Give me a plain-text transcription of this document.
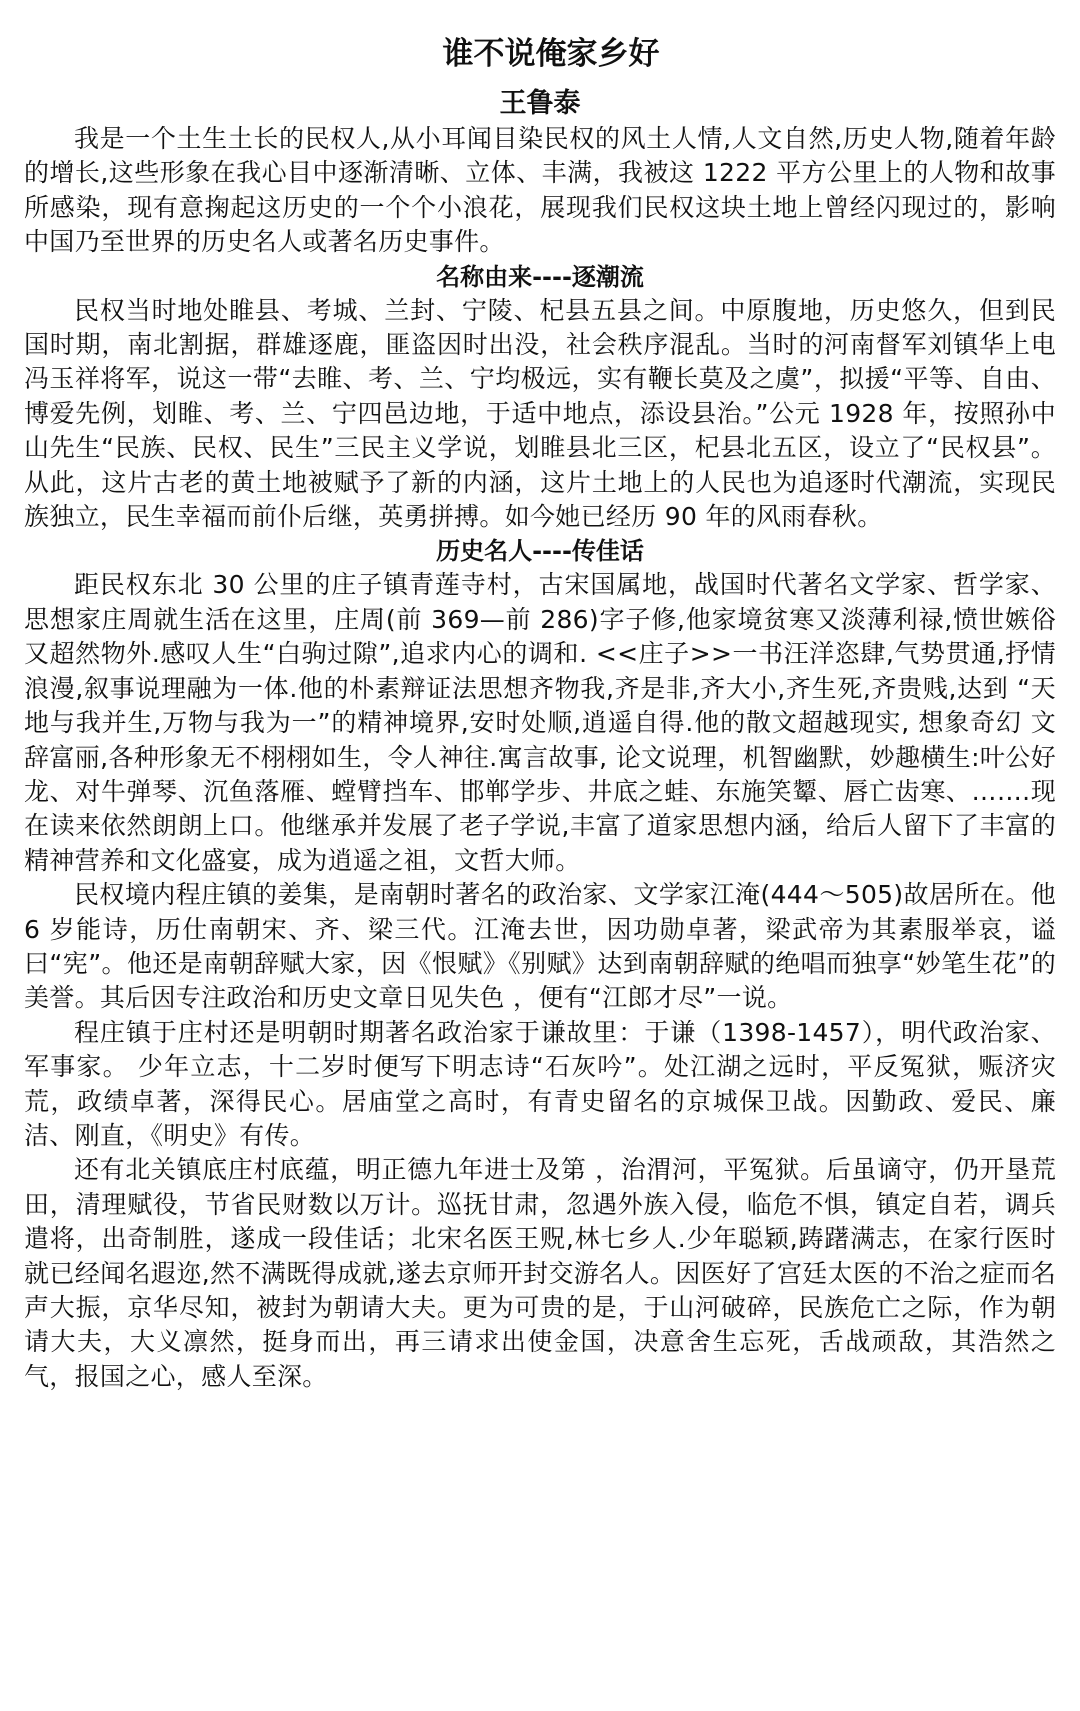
谁不说俺家乡好
王鲁泰

我是一个土生土长的民权人,从小耳闻目染民权的风土人情,人文自然,历史人物,随着年龄的增长,这些形象在我心目中逐渐清晰、立体、丰满，我被这 1222 平方公里上的人物和故事所感染，现有意掬起这历史的一个个小浪花，展现我们民权这块土地上曾经闪现过的，影响中国乃至世界的历史名人或著名历史事件。

名称由来----逐潮流

民权当时地处睢县、考城、兰封、宁陵、杞县五县之间。中原腹地，历史悠久，但到民国时期，南北割据，群雄逐鹿，匪盗因时出没，社会秩序混乱。当时的河南督军刘镇华上电冯玉祥将军，说这一带“去睢、考、兰、宁均极远，实有鞭长莫及之虞”，拟援“平等、自由、博爱先例，划睢、考、兰、宁四邑边地，于适中地点，添设县治。”公元 1928 年，按照孙中山先生“民族、民权、民生”三民主义学说，划睢县北三区，杞县北五区，设立了“民权县”。从此，这片古老的黄土地被赋予了新的内涵，这片土地上的人民也为追逐时代潮流，实现民族独立，民生幸福而前仆后继，英勇拼搏。如今她已经历 90 年的风雨春秋。

历史名人----传佳话

距民权东北 30 公里的庄子镇青莲寺村，古宋国属地，战国时代著名文学家、哲学家、思想家庄周就生活在这里，庄周(前 369—前 286)字子修,他家境贫寒又淡薄利禄,愤世嫉俗又超然物外.感叹人生“白驹过隙”,追求内心的调和. <<庄子>>一书汪洋恣肆,气势贯通,抒情浪漫,叙事说理融为一体.他的朴素辩证法思想齐物我,齐是非,齐大小,齐生死,齐贵贱,达到 “天地与我并生,万物与我为一”的精神境界,安时处顺,逍遥自得.他的散文超越现实, 想象奇幻 文辞富丽,各种形象无不栩栩如生，令人神往.寓言故事, 论文说理，机智幽默，妙趣横生:叶公好龙、对牛弹琴、沉鱼落雁、螳臂挡车、邯郸学步、井底之蛙、东施笑颦、唇亡齿寒、…….现在读来依然朗朗上口。他继承并发展了老子学说,丰富了道家思想内涵，给后人留下了丰富的精神营养和文化盛宴，成为逍遥之祖，文哲大师。

民权境内程庄镇的姜集，是南朝时著名的政治家、文学家江淹(444～505)故居所在。他 6 岁能诗，历仕南朝宋、齐、梁三代。江淹去世，因功勋卓著，梁武帝为其素服举哀，谥曰“宪”。他还是南朝辞赋大家，因《恨赋》《别赋》达到南朝辞赋的绝唱而独享“妙笔生花”的美誉。其后因专注政治和历史文章日见失色 ，便有“江郎才尽”一说。

程庄镇于庄村还是明朝时期著名政治家于谦故里：于谦（1398-1457），明代政治家、军事家。 少年立志，十二岁时便写下明志诗“石灰吟”。处江湖之远时，平反冤狱，赈济灾荒，政绩卓著，深得民心。居庙堂之高时，有青史留名的京城保卫战。因勤政、爱民、廉洁、刚直，《明史》有传。

还有北关镇底庄村底蕴，明正德九年进士及第 ，治渭河，平冤狱。后虽谪守，仍开垦荒田，清理赋役，节省民财数以万计。巡抚甘肃，忽遇外族入侵，临危不惧，镇定自若，调兵遣将，出奇制胜，遂成一段佳话；北宋名医王贶,林七乡人.少年聪颖,踌躇满志，在家行医时就已经闻名遐迩,然不满既得成就,遂去京师开封交游名人。因医好了宫廷太医的不治之症而名声大振，京华尽知，被封为朝请大夫。更为可贵的是，于山河破碎，民族危亡之际，作为朝请大夫，大义凛然，挺身而出，再三请求出使金国，决意舍生忘死，舌战顽敌，其浩然之气，报国之心，感人至深。
